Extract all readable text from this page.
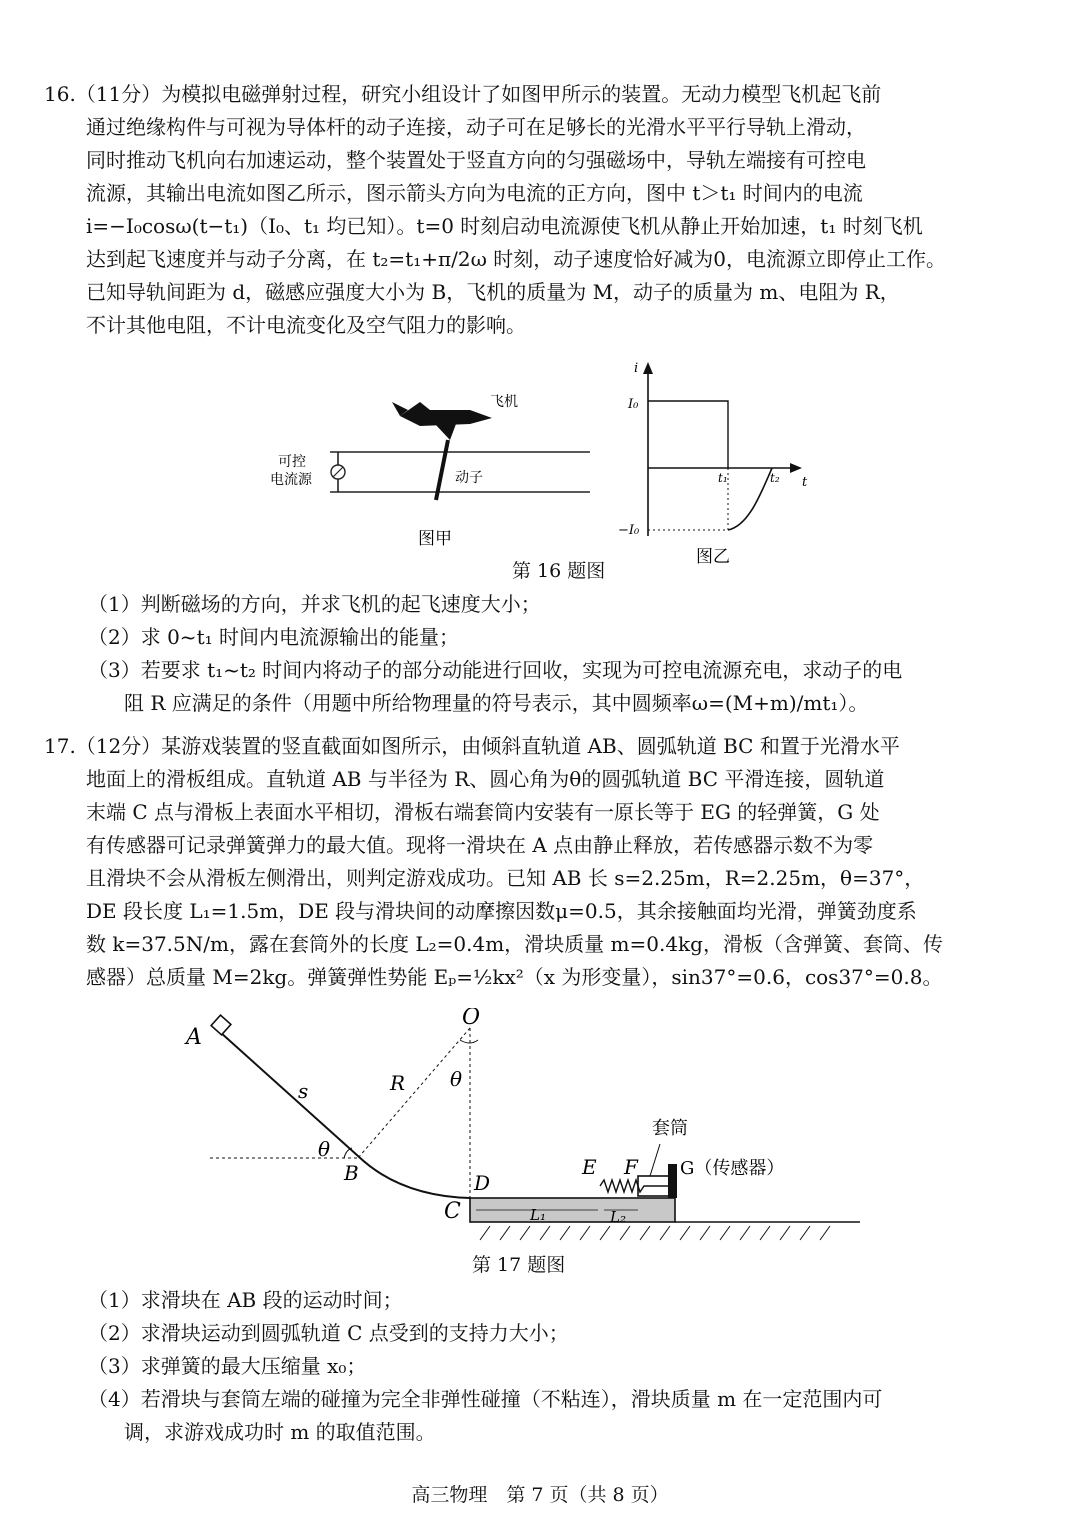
16.（11分）为模拟电磁弹射过程，研究小组设计了如图甲所示的装置。无动力模型飞机起飞前
通过绝缘构件与可视为导体杆的动子连接，动子可在足够长的光滑水平平行导轨上滑动，
同时推动飞机向右加速运动，整个装置处于竖直方向的匀强磁场中，导轨左端接有可控电
流源，其输出电流如图乙所示，图示箭头方向为电流的正方向，图中 t＞t₁ 时间内的电流
i=−I₀cosω(t−t₁)（I₀、t₁ 均已知）。t=0 时刻启动电流源使飞机从静止开始加速，t₁ 时刻飞机
达到起飞速度并与动子分离，在 t₂=t₁+π/2ω 时刻，动子速度恰好减为0，电流源立即停止工作。
已知导轨间距为 d，磁感应强度大小为 B，飞机的质量为 M，动子的质量为 m、电阻为 R，
不计其他电阻，不计电流变化及空气阻力的影响。
飞机
可控
电流源	动子
图甲
i
t
I₀
−I₀
t₁	t₂
图乙
第 16 题图
（1）判断磁场的方向，并求飞机的起飞速度大小；
（2）求 0~t₁ 时间内电流源输出的能量；
（3）若要求 t₁~t₂ 时间内将动子的部分动能进行回收，实现为可控电流源充电，求动子的电
阻 R 应满足的条件（用题中所给物理量的符号表示，其中圆频率ω=(M+m)/mt₁）。
17.（12分）某游戏装置的竖直截面如图所示，由倾斜直轨道 AB、圆弧轨道 BC 和置于光滑水平
地面上的滑板组成。直轨道 AB 与半径为 R、圆心角为θ的圆弧轨道 BC 平滑连接，圆轨道
末端 C 点与滑板上表面水平相切，滑板右端套筒内安装有一原长等于 EG 的轻弹簧，G 处
有传感器可记录弹簧弹力的最大值。现将一滑块在 A 点由静止释放，若传感器示数不为零
且滑块不会从滑板左侧滑出，则判定游戏成功。已知 AB 长 s=2.25m，R=2.25m，θ=37°，
DE 段长度 L₁=1.5m，DE 段与滑块间的动摩擦因数μ=0.5，其余接触面均光滑，弹簧劲度系
数 k=37.5N/m，露在套筒外的长度 L₂=0.4m，滑块质量 m=0.4kg，滑板（含弹簧、套筒、传
感器）总质量 M=2kg。弹簧弹性势能 Eₚ=½kx²（x 为形变量），sin37°=0.6，cos37°=0.8。
A
O
s	R θ
θ
B
C
D
E F G（传感器）
套筒
L₁	L₂
第 17 题图
（1）求滑块在 AB 段的运动时间；
（2）求滑块运动到圆弧轨道 C 点受到的支持力大小；
（3）求弹簧的最大压缩量 x₀；
（4）若滑块与套筒左端的碰撞为完全非弹性碰撞（不粘连），滑块质量 m 在一定范围内可
调，求游戏成功时 m 的取值范围。
高三物理　第 7 页（共 8 页）
